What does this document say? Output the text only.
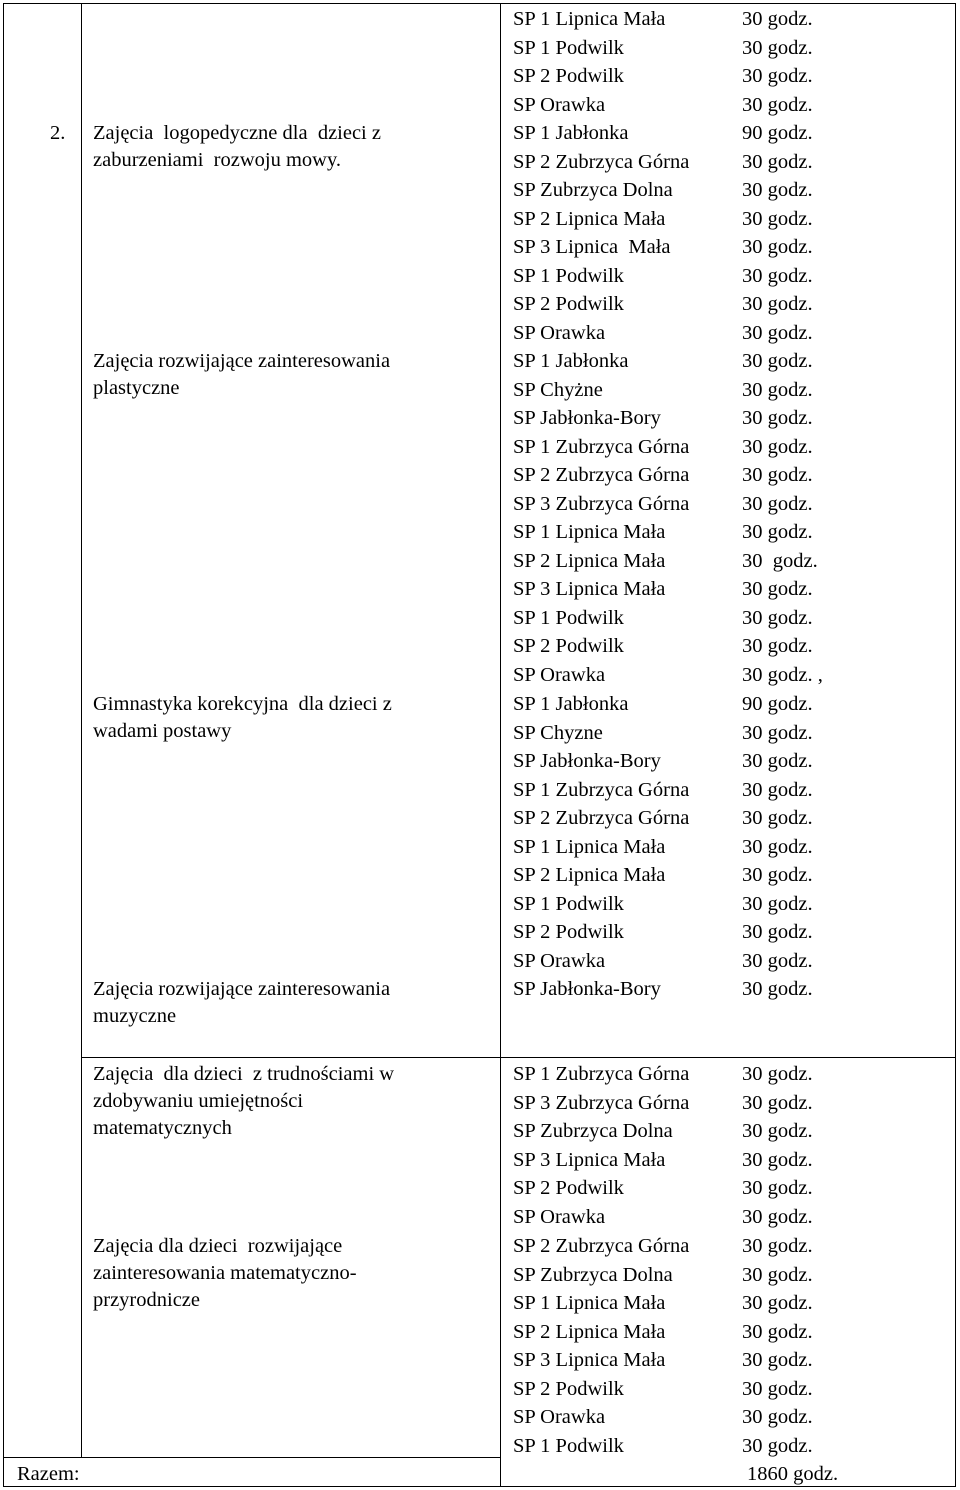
2. Zajęcia  logopedyczne dla  dzieci z
zaburzeniami  rozwoju mowy.
SP 1 Lipnica Mała	30 godz.
SP 1 Podwilk	30 godz.
SP 2 Podwilk	30 godz.
SP Orawka	30 godz.
SP 1 Jabłonka	90 godz.
SP 2 Zubrzyca Górna	30 godz.
SP Zubrzyca Dolna	30 godz.
SP 2 Lipnica Mała	30 godz.
SP 3 Lipnica  Mała	30 godz.
SP 1 Podwilk	30 godz.
SP 2 Podwilk	30 godz.
SP Orawka	30 godz.
Zajęcia rozwijające zainteresowania
plastyczne
SP 1 Jabłonka	30 godz.
SP Chyżne	30 godz.
SP Jabłonka-Bory	30 godz.
SP 1 Zubrzyca Górna	30 godz.
SP 2 Zubrzyca Górna	30 godz.
SP 3 Zubrzyca Górna	30 godz.
SP 1 Lipnica Mała	30 godz.
SP 2 Lipnica Mała	30  godz.
SP 3 Lipnica Mała	30 godz.
SP 1 Podwilk	30 godz.
SP 2 Podwilk	30 godz.
SP Orawka	30 godz. ,
Gimnastyka korekcyjna  dla dzieci z
wadami postawy
SP 1 Jabłonka	90 godz.
SP Chyzne	30 godz.
SP Jabłonka-Bory	30 godz.
SP 1 Zubrzyca Górna	30 godz.
SP 2 Zubrzyca Górna	30 godz.
SP 1 Lipnica Mała	30 godz.
SP 2 Lipnica Mała	30 godz.
SP 1 Podwilk	30 godz.
SP 2 Podwilk	30 godz.
SP Orawka	30 godz.
Zajęcia rozwijające zainteresowania
muzyczne
SP Jabłonka-Bory	30 godz.
Zajęcia  dla dzieci  z trudnościami w
zdobywaniu umiejętności
matematycznych
SP 1 Zubrzyca Górna	30 godz.
SP 3 Zubrzyca Górna	30 godz.
SP Zubrzyca Dolna	30 godz.
SP 3 Lipnica Mała	30 godz.
SP 2 Podwilk	30 godz.
SP Orawka	30 godz.
Zajęcia dla dzieci  rozwijające
zainteresowania matematyczno-
przyrodnicze
SP 2 Zubrzyca Górna	30 godz.
SP Zubrzyca Dolna	30 godz.
SP 1 Lipnica Mała	30 godz.
SP 2 Lipnica Mała	30 godz.
SP 3 Lipnica Mała	30 godz.
SP 2 Podwilk	30 godz.
SP Orawka	30 godz.
SP 1 Podwilk	30 godz.
Razem:	1860 godz.
